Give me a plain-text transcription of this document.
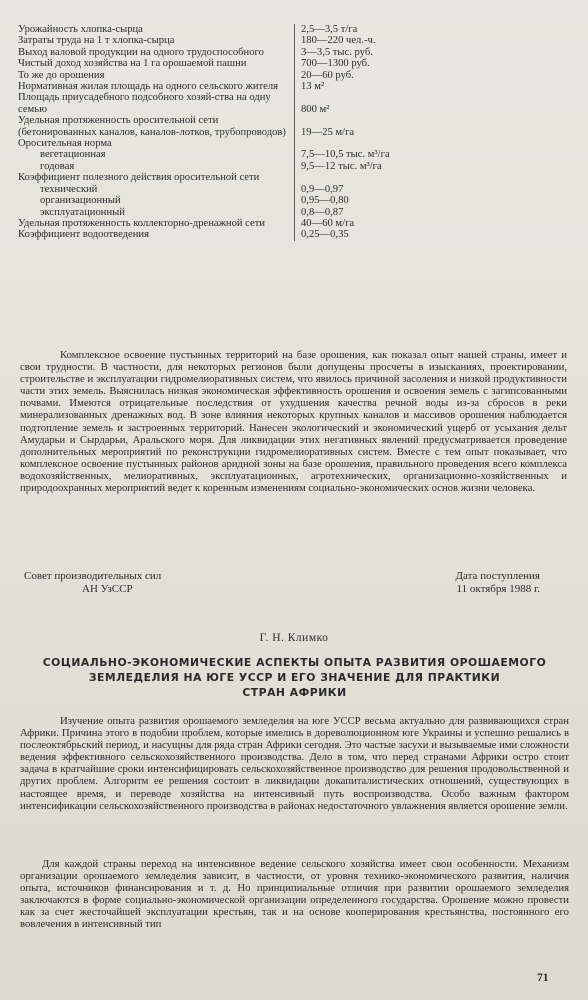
Урожайность хлопка-сырца	2,5—3,5 т/га
Затраты труда на 1 т хлопка-сырца	180—220 чел.-ч.
Выход валовой продукции на одного трудоспособного	3—3,5 тыс. руб.
Чистый доход хозяйства на 1 га орошаемой пашни	700—1300 руб.
То же до орошения	20—60 руб.
Нормативная жилая площадь на одного сельского жителя	13 м²
Площадь приусадебного подсобного хозяй-ства на одну семью	800 м²
Удельная протяженность оросительной сети (бетонированных каналов, каналов-лотков, трубопроводов)	19—25 м/га
Оросительная норма	
вегетационная	7,5—10,5 тыс. м³/га
годовая	9,5—12 тыс. м³/га
Коэффициент полезного действия оросительной сети	
технический	0,9—0,97
организационный	0,95—0,80
эксплуатационный	0,8—0,87
Удельная протяженность коллекторно-дренажной сети	40—60 м/га
Коэффициент водоотведения	0,25—0,35

Комплексное освоение пустынных территорий на базе орошения, как показал опыт нашей страны, имеет и свои трудности. В частности, для некоторых регионов были допущены просчеты в изысканиях, проектировании, строительстве и эксплуатации гидромелиоративных систем, что явилось причиной засоления и низкой продуктивности части этих земель. Выяснилась низкая экономическая эффективность орошения и освоения земель с загипсованными почвами. Имеются отрицательные последствия от ухудшения качества речной воды из-за сбросов в реки минерализованных дренажных вод. В зоне влияния некоторых крупных каналов и массивов орошения наблюдается подтопление земель и застроенных территорий. Нанесен экологический и экономический ущерб от усыхания дельт Амударьи и Сырдарьи, Аральского моря. Для ликвидации этих негативных явлений предусматривается проведение дополнительных мероприятий по реконструкции гидромелиоративных систем. Вместе с тем опыт показывает, что комплексное освоение пустынных районов аридной зоны на базе орошения, правильного проведения всего комплекса водохозяйственных, мелиоративных, эксплуатационных, агротехнических, организационно-хозяйственных и природоохранных мероприятий ведет к коренным изменениям социально-экономических основ жизни человека.

Совет производительных сил
АН УзССР
Дата поступления
11 октября 1988 г.
Г. Н. Климко
СОЦИАЛЬНО-ЭКОНОМИЧЕСКИЕ АСПЕКТЫ ОПЫТА РАЗВИТИЯ ОРОШАЕМОГО
ЗЕМЛЕДЕЛИЯ НА ЮГЕ УССР И ЕГО ЗНАЧЕНИЕ ДЛЯ ПРАКТИКИ
СТРАН АФРИКИ

Изучение опыта развития орошаемого земледелия на юге УССР весьма актуально для развивающихся стран Африки. Причина этого в подобии проблем, которые имелись в дореволюционном юге Украины и успешно решались в послеоктябрьский период, и насущны для ряда стран Африки сегодня. Это частые засухи и вызываемые ими сложности ведения эффективного сельскохозяйственного производства. Дело в том, что перед странами Африки остро стоит задача в кратчайшие сроки интенсифицировать сельскохозяйственное производство для решения продовольственной и других проблем. Алгоритм ее решения состоит в ликвидации докапиталистических отношений, существующих в настоящее время, и переводе хозяйства на интенсивный путь воспроизводства. Особо важным фактором интенсификации сельскохозяйственного производства в районах недостаточного увлажнения является орошение земли.

Для каждой страны переход на интенсивное ведение сельского хозяйства имеет свои особенности. Механизм организации орошаемого земледелия зависит, в частности, от уровня технико-экономического развития, наличия опыта, источников финансирования и т. д. Но принципиальные отличия при развитии орошаемого земледелия заключаются в форме социально-экономической организации определенного государства. Орошение можно провести как за счет жесточайшей эксплуатации крестьян, так и на основе кооперирования крестьянства, постоянного его вовлечения в интенсивный тип

71
